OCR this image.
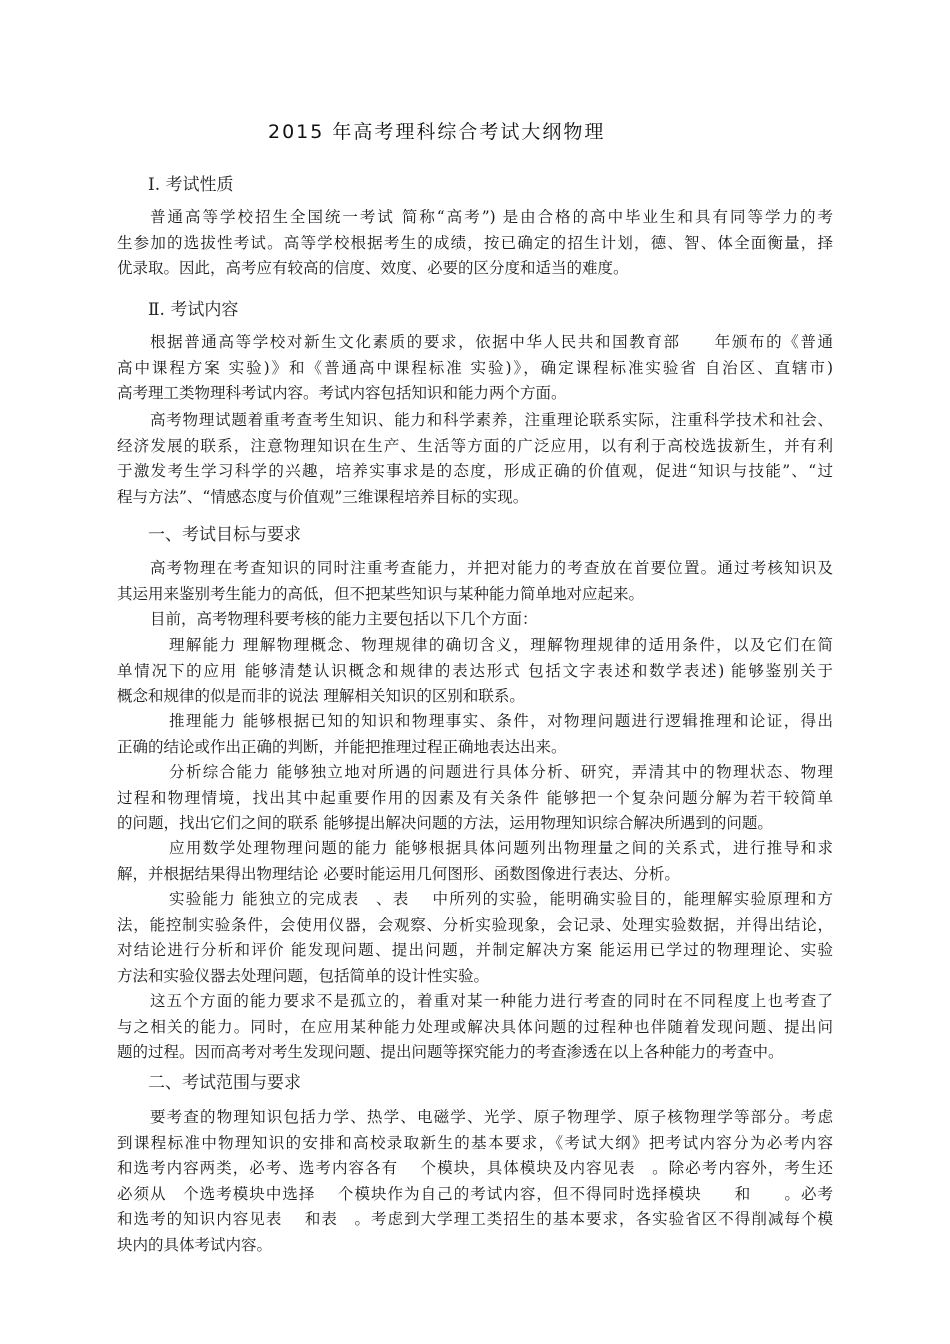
2015 年高考理科综合考试大纲物理
Ⅰ. 考试性质
普通高等学校招生全国统一考试 简称“高考”) 是由合格的高中毕业生和具有同等学力的考
生参加的选拔性考试。高等学校根据考生的成绩，按已确定的招生计划，德、智、体全面衡量，择
优录取。因此，高考应有较高的信度、效度、必要的区分度和适当的难度。
Ⅱ. 考试内容
根据普通高等学校对新生文化素质的要求，依据中华人民共和国教育部　　年颁布的《普通
高中课程方案 实验)》和《普通高中课程标准 实验)》，确定课程标准实验省 自治区、直辖市)
高考理工类物理科考试内容。考试内容包括知识和能力两个方面。
高考物理试题着重考查考生知识、能力和科学素养，注重理论联系实际，注重科学技术和社会、
经济发展的联系，注意物理知识在生产、生活等方面的广泛应用，以有利于高校选拔新生，并有利
于激发考生学习科学的兴趣，培养实事求是的态度，形成正确的价值观，促进“知识与技能”、“过
程与方法”、“情感态度与价值观”三维课程培养目标的实现。
一、考试目标与要求
高考物理在考查知识的同时注重考查能力，并把对能力的考查放在首要位置。通过考核知识及
其运用来鉴别考生能力的高低，但不把某些知识与某种能力简单地对应起来。
目前，高考物理科要考核的能力主要包括以下几个方面：
理解能力 理解物理概念、物理规律的确切含义，理解物理规律的适用条件，以及它们在简
单情况下的应用 能够清楚认识概念和规律的表达形式 包括文字表述和数学表述) 能够鉴别关于
概念和规律的似是而非的说法 理解相关知识的区别和联系。
推理能力 能够根据已知的知识和物理事实、条件，对物理问题进行逻辑推理和论证，得出
正确的结论或作出正确的判断，并能把推理过程正确地表达出来。
分析综合能力 能够独立地对所遇的问题进行具体分析、研究，弄清其中的物理状态、物理
过程和物理情境，找出其中起重要作用的因素及有关条件 能够把一个复杂问题分解为若干较简单
的问题，找出它们之间的联系 能够提出解决问题的方法，运用物理知识综合解决所遇到的问题。
应用数学处理物理问题的能力 能够根据具体问题列出物理量之间的关系式，进行推导和求
解，并根据结果得出物理结论 必要时能运用几何图形、函数图像进行表达、分析。
实验能力 能独立的完成表　、表　 中所列的实验，能明确实验目的，能理解实验原理和方
法，能控制实验条件，会使用仪器，会观察、分析实验现象，会记录、处理实验数据，并得出结论，
对结论进行分析和评价 能发现问题、提出问题，并制定解决方案 能运用已学过的物理理论、实验
方法和实验仪器去处理问题，包括简单的设计性实验。
这五个方面的能力要求不是孤立的，着重对某一种能力进行考查的同时在不同程度上也考查了
与之相关的能力。同时，在应用某种能力处理或解决具体问题的过程种也伴随着发现问题、提出问
题的过程。因而高考对考生发现问题、提出问题等探究能力的考查渗透在以上各种能力的考查中。
二、考试范围与要求
要考查的物理知识包括力学、热学、电磁学、光学、原子物理学、原子核物理学等部分。考虑
到课程标准中物理知识的安排和高校录取新生的基本要求，《考试大纲》把考试内容分为必考内容
和选考内容两类，必考、选考内容各有　 个模块，具体模块及内容见表　。除必考内容外，考生还
必须从　个选考模块中选择　 个模块作为自己的考试内容，但不得同时选择模块　　和　　。必考
和选考的知识内容见表　 和表　。考虑到大学理工类招生的基本要求，各实验省区不得削减每个模
块内的具体考试内容。
